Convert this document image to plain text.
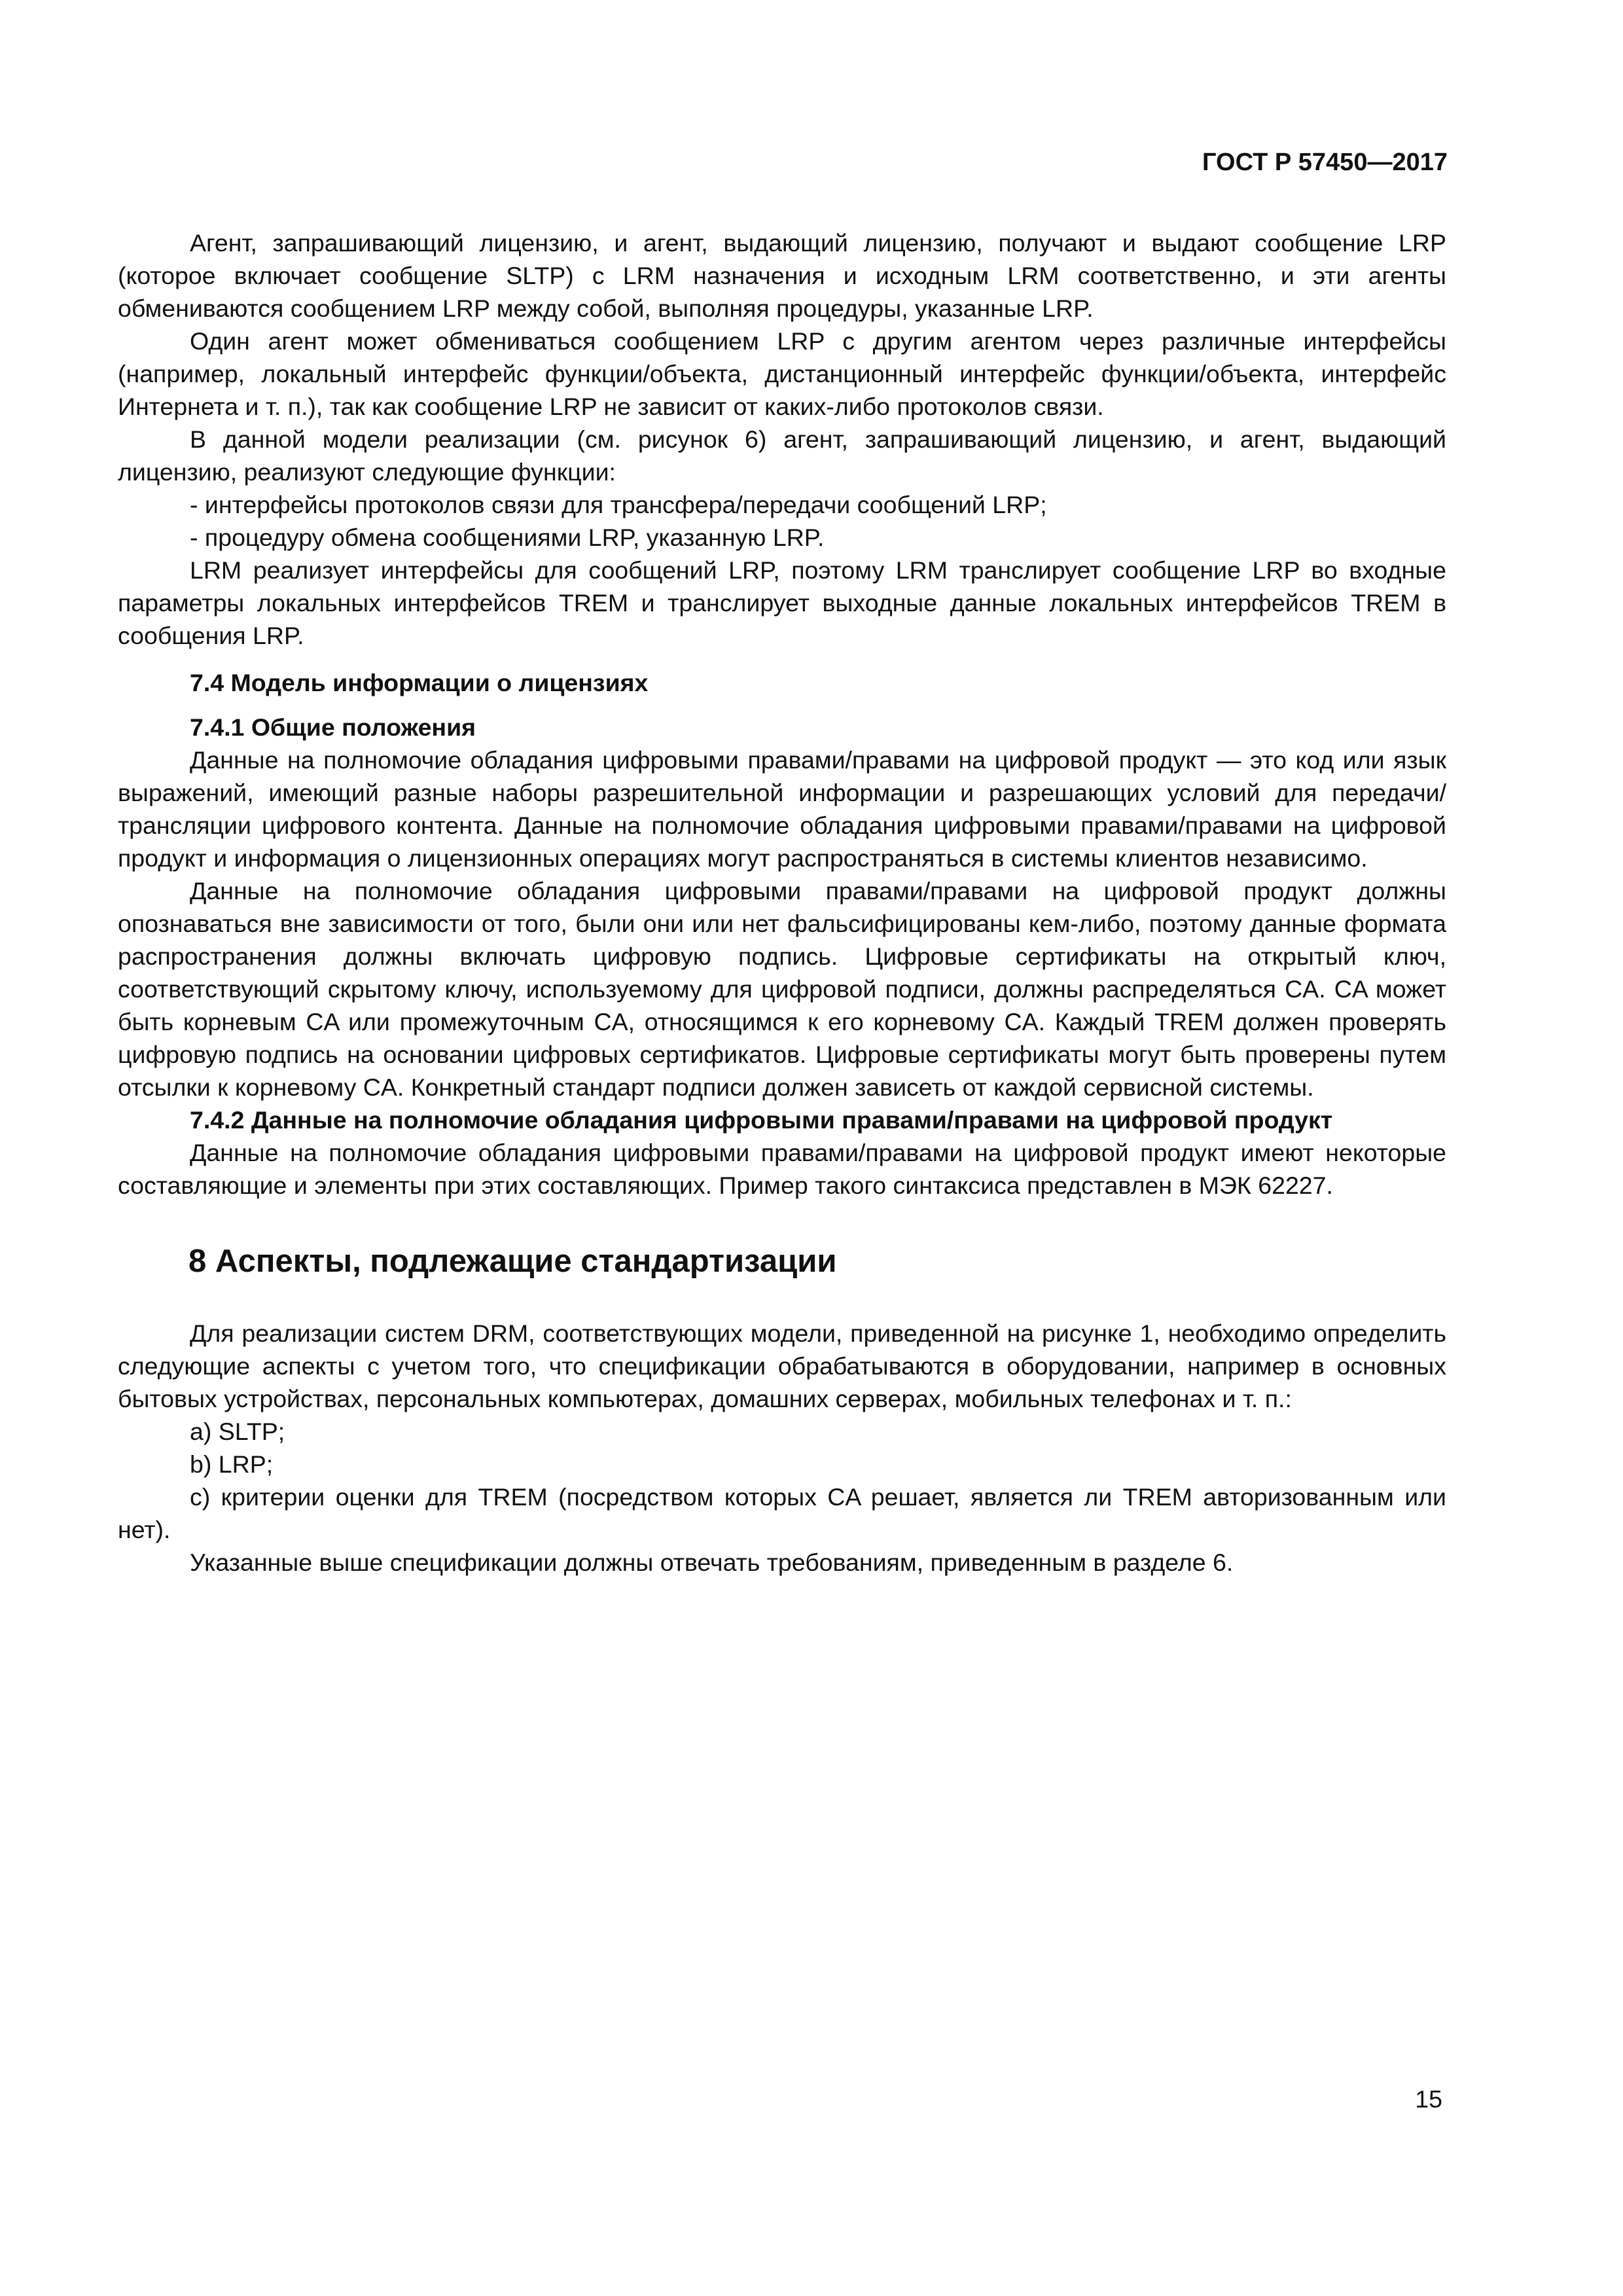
ГОСТ Р 57450—2017

Агент, запрашивающий лицензию, и агент, выдающий лицензию, получают и выдают сообщение LRP (которое включает сообщение SLTP) с LRM назначения и исходным LRM соответственно, и эти агенты обмениваются сообщением LRP между собой, выполняя процедуры, указанные LRP.

Один агент может обмениваться сообщением LRP с другим агентом через различные интерфейсы (например, локальный интерфейс функции/объекта, дистанционный интерфейс функции/объекта, интерфейс Интернета и т. п.), так как сообщение LRP не зависит от каких-либо протоколов связи.

В данной модели реализации (см. рисунок 6) агент, запрашивающий лицензию, и агент, выдающий лицензию, реализуют следующие функции:

- интерфейсы протоколов связи для трансфера/передачи сообщений LRP;

- процедуру обмена сообщениями LRP, указанную LRP.

LRM реализует интерфейсы для сообщений LRP, поэтому LRM транслирует сообщение LRP во входные параметры локальных интерфейсов TREM и транслирует выходные данные локальных интерфейсов TREM в сообщения LRP.

7.4 Модель информации о лицензиях
7.4.1 Общие положения

Данные на полномочие обладания цифровыми правами/правами на цифровой продукт — это код или язык выражений, имеющий разные наборы разрешительной информации и разрешающих условий для передачи/трансляции цифрового контента. Данные на полномочие обладания цифровыми правами/правами на цифровой продукт и информация о лицензионных операциях могут распространяться в системы клиентов независимо.

Данные на полномочие обладания цифровыми правами/правами на цифровой продукт должны опознаваться вне зависимости от того, были они или нет фальсифицированы кем-либо, поэтому данные формата распространения должны включать цифровую подпись. Цифровые сертификаты на открытый ключ, соответствующий скрытому ключу, используемому для цифровой подписи, должны распределяться CA. CA может быть корневым CA или промежуточным CA, относящимся к его корневому CA. Каждый TREM должен проверять цифровую подпись на основании цифровых сертификатов. Цифровые сертификаты могут быть проверены путем отсылки к корневому CA. Конкретный стандарт подписи должен зависеть от каждой сервисной системы.

7.4.2 Данные на полномочие обладания цифровыми правами/правами на цифровой продукт

Данные на полномочие обладания цифровыми правами/правами на цифровой продукт имеют некоторые составляющие и элементы при этих составляющих. Пример такого синтаксиса представлен в МЭК 62227.

8 Аспекты, подлежащие стандартизации

Для реализации систем DRM, соответствующих модели, приведенной на рисунке 1, необходимо определить следующие аспекты с учетом того, что спецификации обрабатываются в оборудовании, например в основных бытовых устройствах, персональных компьютерах, домашних серверах, мобильных телефонах и т. п.:

a) SLTP;

b) LRP;

c) критерии оценки для TREM (посредством которых CA решает, является ли TREM авторизованным или нет).

Указанные выше спецификации должны отвечать требованиям, приведенным в разделе 6.

15
